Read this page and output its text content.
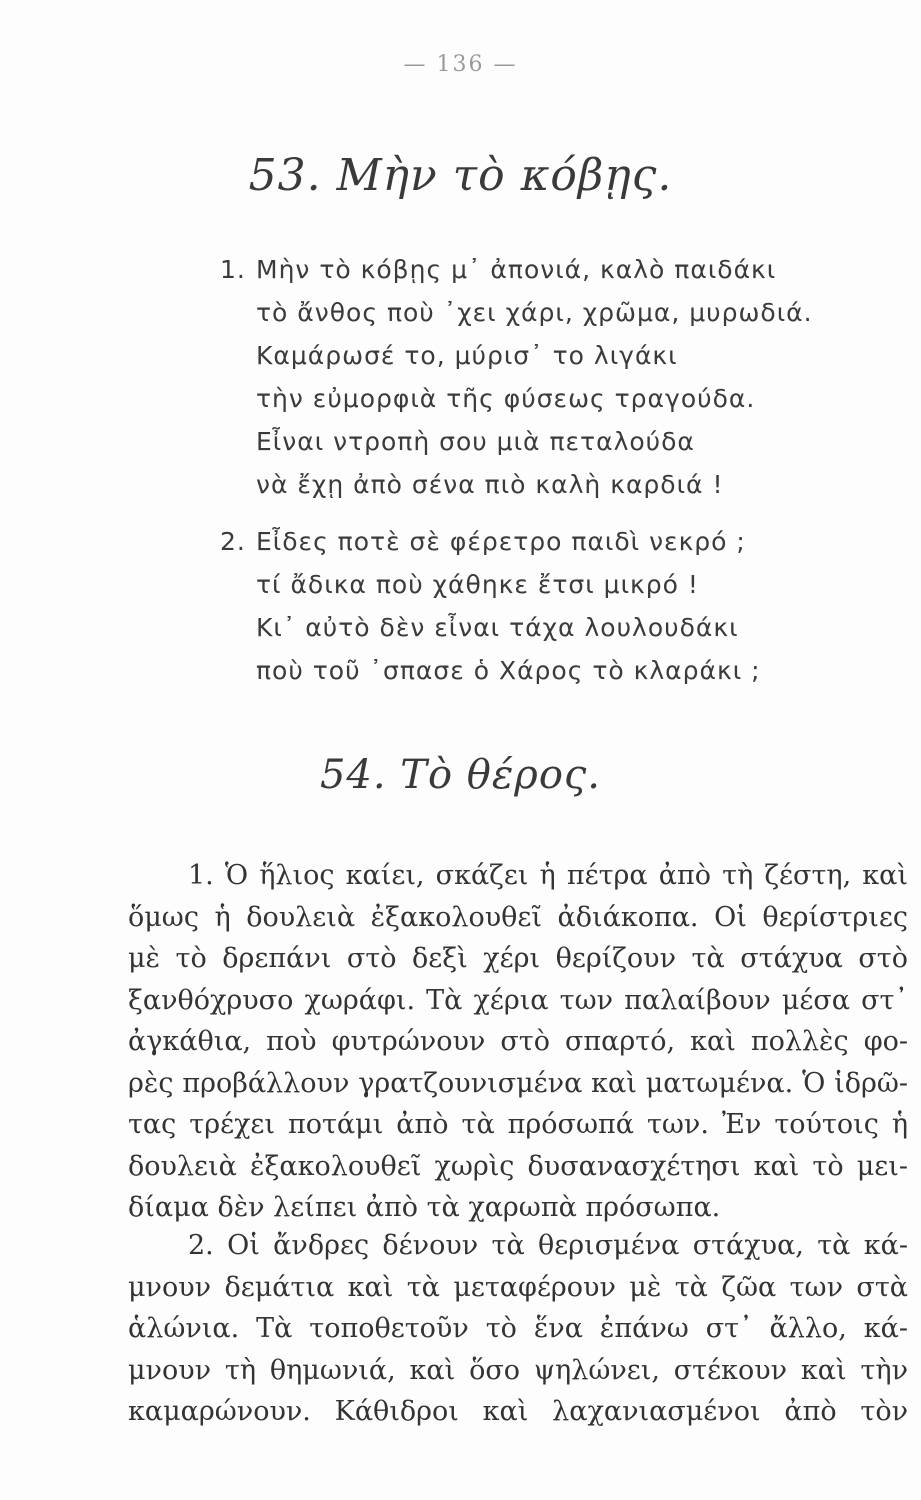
— 136 —
53. Μὴν τὸ κόβῃς.
1. Μὴν τὸ κόβῃς μ᾽ ἀπονιά, καλὸ παιδάκι
τὸ ἄνθος ποὺ ᾽χει χάρι, χρῶμα, μυρωδιά.
Καμάρωσέ το, μύρισ᾽ το λιγάκι
τὴν εὐμορφιὰ τῆς φύσεως τραγούδα.
Εἶναι ντροπὴ σου μιὰ πεταλούδα
νὰ ἔχῃ ἀπὸ σένα πιὸ καλὴ καρδιά !
2. Εἶδες ποτὲ σὲ φέρετρο παιδὶ νεκρό ;
τί ἄδικα ποὺ χάθηκε ἔτσι μικρό !
Κι᾽ αὐτὸ δὲν εἶναι τάχα λουλουδάκι
ποὺ τοῦ ᾽σπασε ὁ Χάρος τὸ κλαράκι ;
54. Τὸ θέρος.
1. Ὁ ἥλιος καίει, σκάζει ἡ πέτρα ἀπὸ τὴ ζέστη, καὶ
ὅμως ἡ δουλειὰ ἐξακολουθεῖ ἀδιάκοπα. Οἱ θερίστριες
μὲ τὸ δρεπάνι στὸ δεξὶ χέρι θερίζουν τὰ στάχυα στὸ
ξανθόχρυσο χωράφι. Τὰ χέρια των παλαίβουν μέσα στ᾽
ἀγκάθια, ποὺ φυτρώνουν στὸ σπαρτό, καὶ πολλὲς φο-
ρὲς προβάλλουν γρατζουνισμένα καὶ ματωμένα. Ὁ ἱδρῶ-
τας τρέχει ποτάμι ἀπὸ τὰ πρόσωπά των. Ἐν τούτοις ἡ
δουλειὰ ἐξακολουθεῖ χωρὶς δυσανασχέτησι καὶ τὸ μει-
δίαμα δὲν λείπει ἀπὸ τὰ χαρωπὰ πρόσωπα.
2. Οἱ ἄνδρες δένουν τὰ θερισμένα στάχυα, τὰ κά-
μνουν δεμάτια καὶ τὰ μεταφέρουν μὲ τὰ ζῶα των στὰ
ἁλώνια. Τὰ τοποθετοῦν τὸ ἕνα ἐπάνω στ᾽ ἄλλο, κά-
μνουν τὴ θημωνιά, καὶ ὅσο ψηλώνει, στέκουν καὶ τὴν
καμαρώνουν. Κάθιδροι καὶ λαχανιασμένοι ἀπὸ τὸν
